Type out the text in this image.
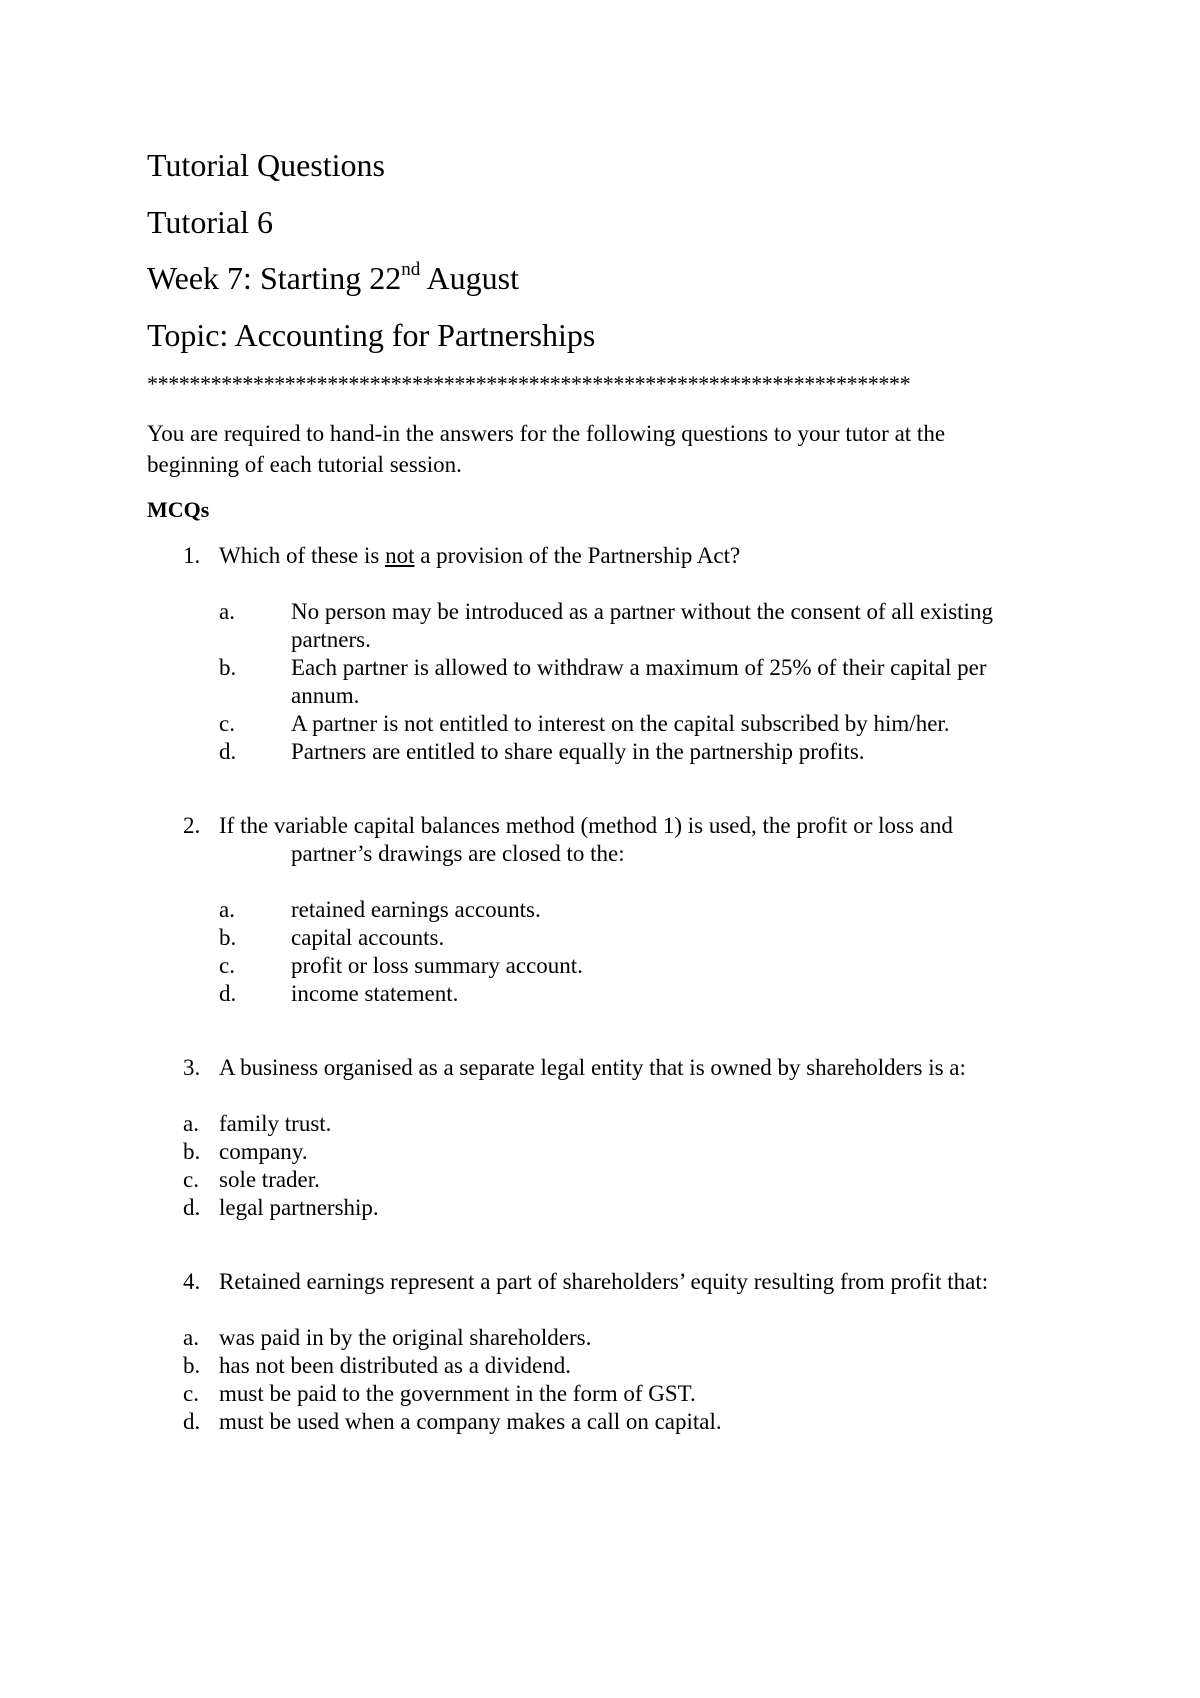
Tutorial Questions
Tutorial 6
Week 7: Starting 22nd August
Topic: Accounting for Partnerships
************************************************************************
You are required to hand-in the answers for the following questions to your tutor at the beginning of each tutorial session.
MCQs
1. Which of these is not a provision of the Partnership Act?
a. No person may be introduced as a partner without the consent of all existing partners.
b. Each partner is allowed to withdraw a maximum of 25% of their capital per annum.
c. A partner is not entitled to interest on the capital subscribed by him/her.
d. Partners are entitled to share equally in the partnership profits.
2. If the variable capital balances method (method 1) is used, the profit or loss and
partner’s drawings are closed to the:
a. retained earnings accounts.
b. capital accounts.
c. profit or loss summary account.
d. income statement.
3. A business organised as a separate legal entity that is owned by shareholders is a:
a. family trust.
b. company.
c. sole trader.
d. legal partnership.
4. Retained earnings represent a part of shareholders’ equity resulting from profit that:
a. was paid in by the original shareholders.
b. has not been distributed as a dividend.
c. must be paid to the government in the form of GST.
d. must be used when a company makes a call on capital.
